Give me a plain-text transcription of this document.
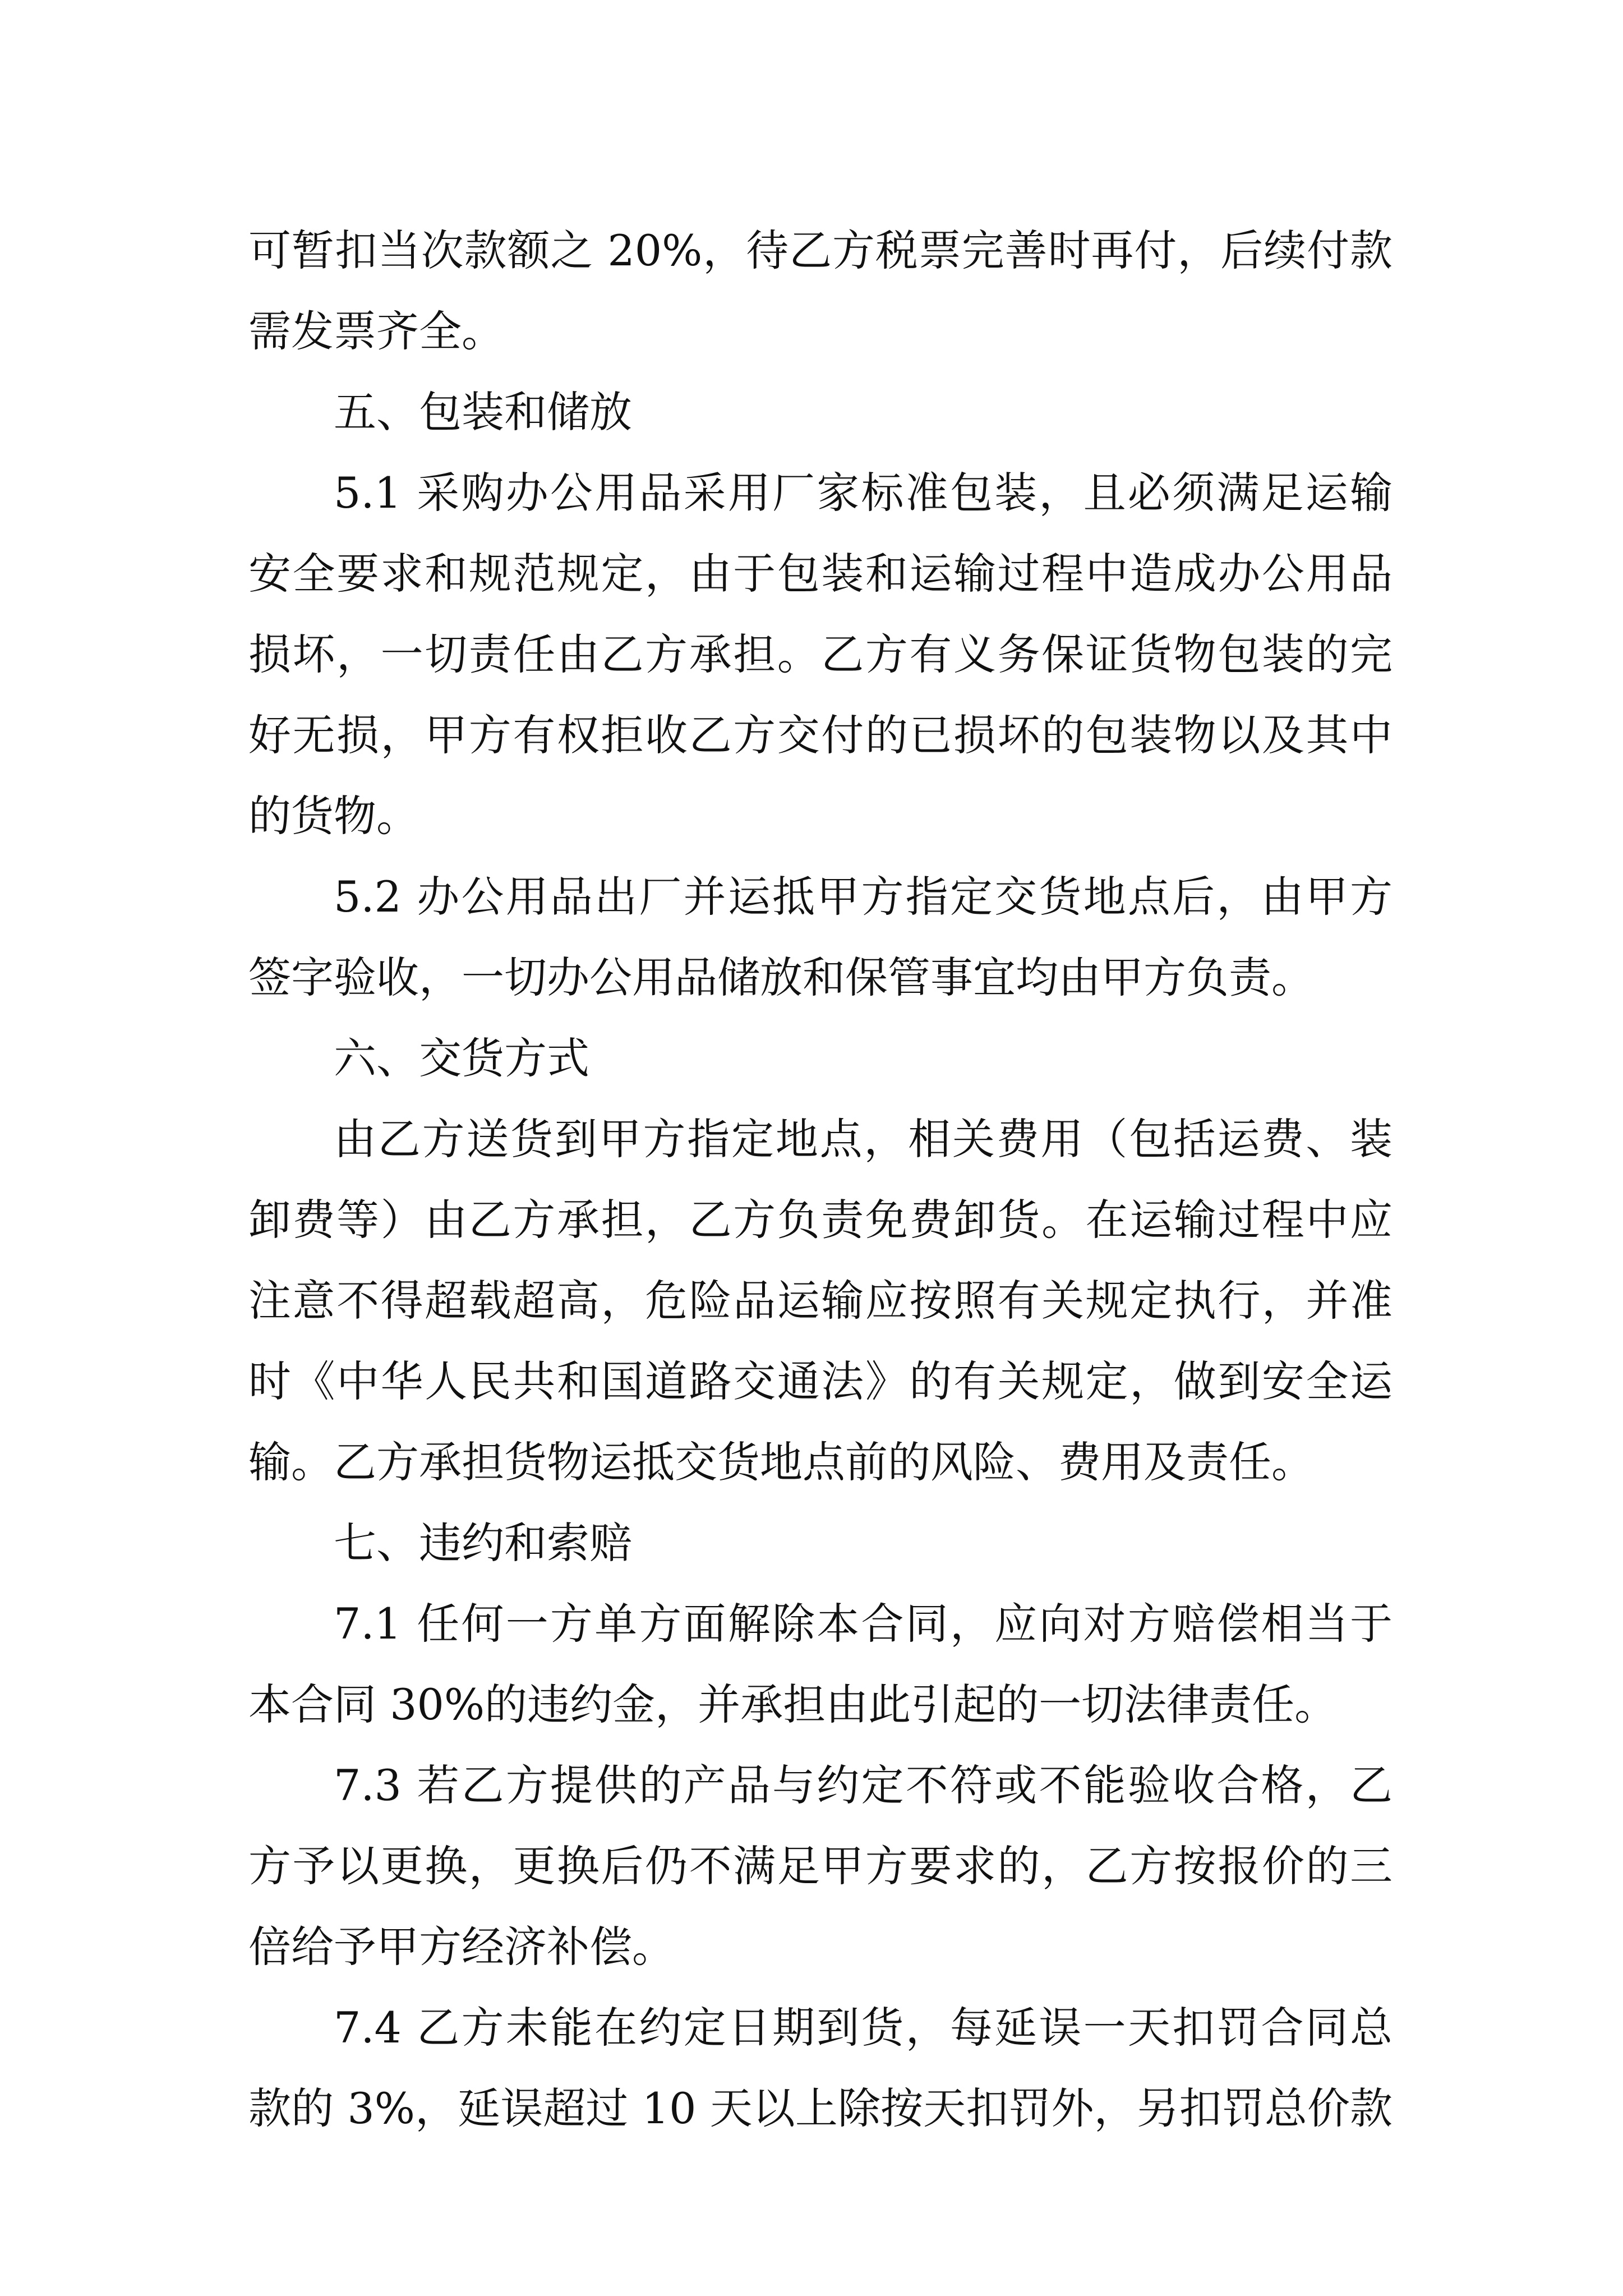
可暂扣当次款额之 20%，待乙方税票完善时再付，后续付款
需发票齐全。
五、包装和储放
5.1 采购办公用品采用厂家标准包装，且必须满足运输
安全要求和规范规定，由于包装和运输过程中造成办公用品
损坏，一切责任由乙方承担。乙方有义务保证货物包装的完
好无损，甲方有权拒收乙方交付的已损坏的包装物以及其中
的货物。
5.2 办公用品出厂并运抵甲方指定交货地点后，由甲方
签字验收，一切办公用品储放和保管事宜均由甲方负责。
六、交货方式
由乙方送货到甲方指定地点，相关费用（包括运费、装
卸费等）由乙方承担，乙方负责免费卸货。在运输过程中应
注意不得超载超高，危险品运输应按照有关规定执行，并准
时《中华人民共和国道路交通法》的有关规定，做到安全运
输。乙方承担货物运抵交货地点前的风险、费用及责任。
七、违约和索赔
7.1 任何一方单方面解除本合同，应向对方赔偿相当于
本合同 30%的违约金，并承担由此引起的一切法律责任。
7.3 若乙方提供的产品与约定不符或不能验收合格，乙
方予以更换，更换后仍不满足甲方要求的，乙方按报价的三
倍给予甲方经济补偿。
7.4 乙方未能在约定日期到货，每延误一天扣罚合同总
款的 3%，延误超过 10 天以上除按天扣罚外，另扣罚总价款
